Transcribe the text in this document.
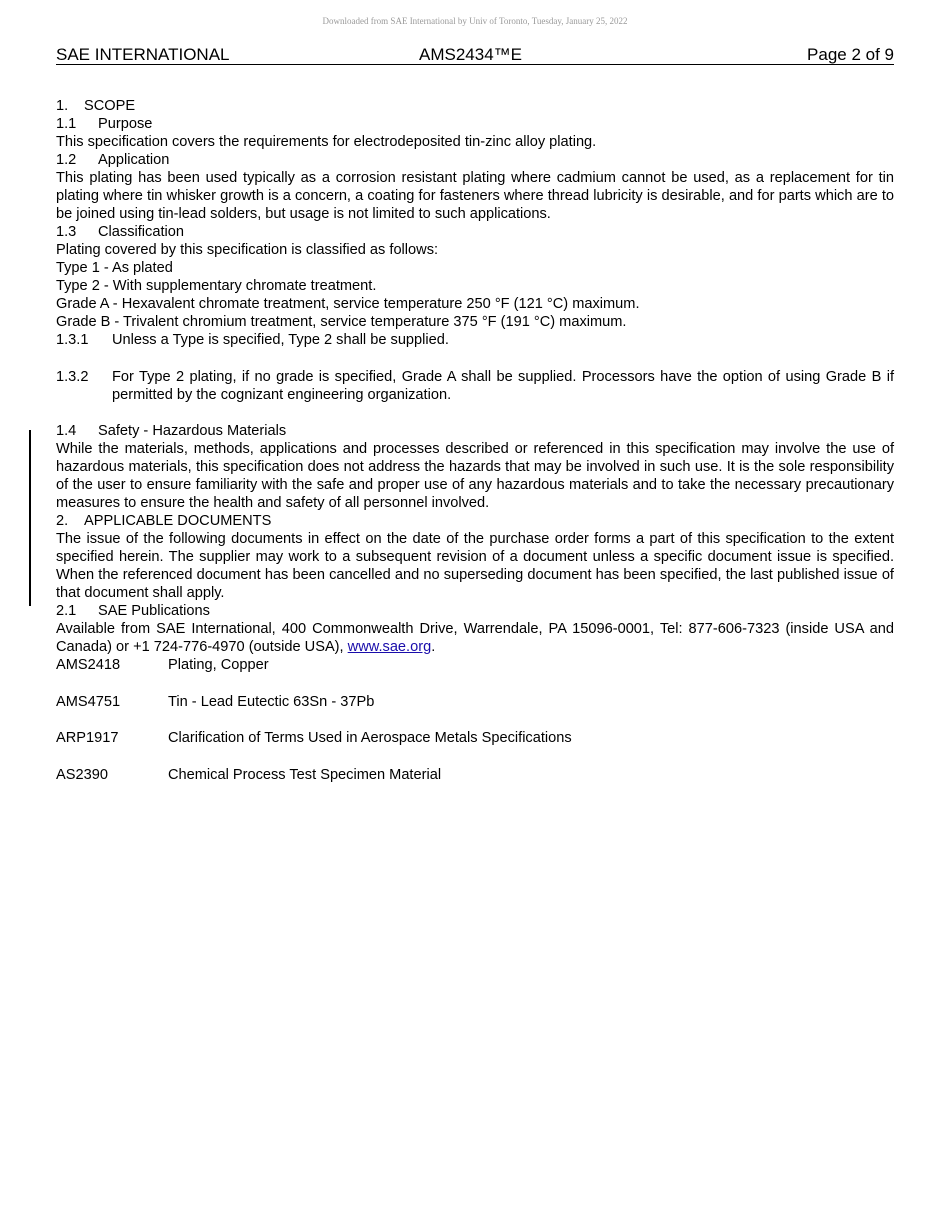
Downloaded from SAE International by Univ of Toronto, Tuesday, January 25, 2022
SAE INTERNATIONAL	AMS2434™E	Page 2 of 9

1. SCOPE

1.1 Purpose

This specification covers the requirements for electrodeposited tin-zinc alloy plating.

1.2 Application

This plating has been used typically as a corrosion resistant plating where cadmium cannot be used, as a replacement for tin plating where tin whisker growth is a concern, a coating for fasteners where thread lubricity is desirable, and for parts which are to be joined using tin-lead solders, but usage is not limited to such applications.

1.3 Classification

Plating covered by this specification is classified as follows:

Type 1 - As plated

Type 2 - With supplementary chromate treatment.

Grade A - Hexavalent chromate treatment, service temperature 250 °F (121 °C) maximum.

Grade B - Trivalent chromium treatment, service temperature 375 °F (191 °C) maximum.

1.3.1	Unless a Type is specified, Type 2 shall be supplied.
1.3.2	For Type 2 plating, if no grade is specified, Grade A shall be supplied. Processors have the option of using Grade B if permitted by the cognizant engineering organization.

1.4 Safety - Hazardous Materials

While the materials, methods, applications and processes described or referenced in this specification may involve the use of hazardous materials, this specification does not address the hazards that may be involved in such use. It is the sole responsibility of the user to ensure familiarity with the safe and proper use of any hazardous materials and to take the necessary precautionary measures to ensure the health and safety of all personnel involved.

2. APPLICABLE DOCUMENTS

The issue of the following documents in effect on the date of the purchase order forms a part of this specification to the extent specified herein. The supplier may work to a subsequent revision of a document unless a specific document issue is specified. When the referenced document has been cancelled and no superseding document has been specified, the last published issue of that document shall apply.

2.1 SAE Publications

Available from SAE International, 400 Commonwealth Drive, Warrendale, PA 15096-0001, Tel: 877-606-7323 (inside USA and Canada) or +1 724-776-4970 (outside USA), www.sae.org.

AMS2418	Plating, Copper
AMS4751	Tin - Lead Eutectic 63Sn - 37Pb
ARP1917	Clarification of Terms Used in Aerospace Metals Specifications
AS2390	Chemical Process Test Specimen Material
